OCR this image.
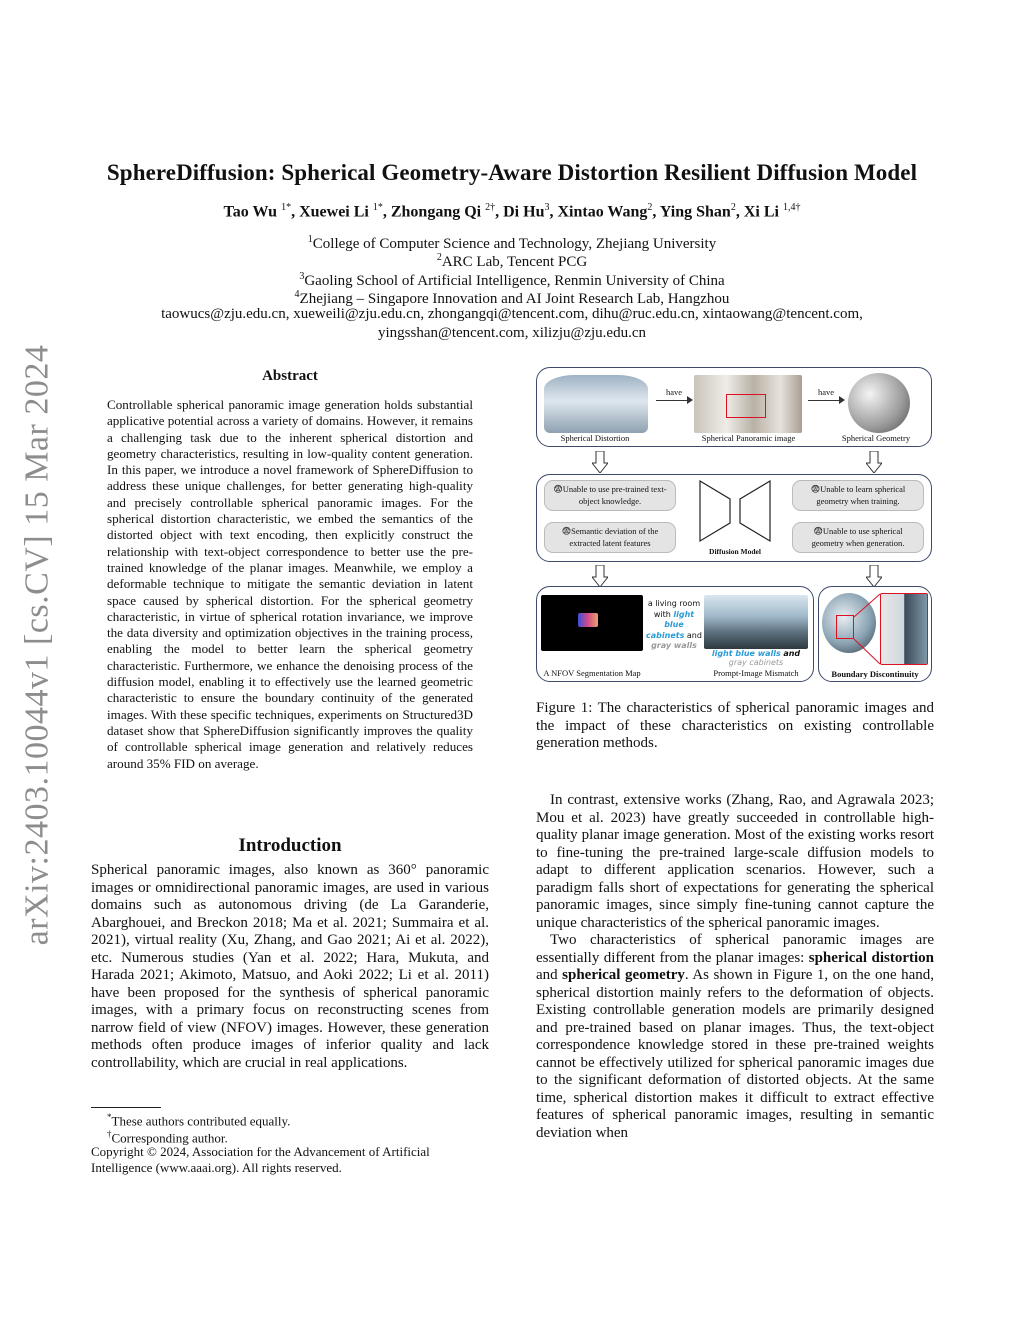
arXiv:2403.10044v1 [cs.CV] 15 Mar 2024
SphereDiffusion: Spherical Geometry-Aware Distortion Resilient Diffusion Model
Tao Wu $^{1*}$, Xuewei Li $^{1*}$, Zhongang Qi $^{2\dagger}$, Di Hu$^3$, Xintao Wang$^2$, Ying Shan$^2$, Xi Li $^{1,4\dagger}$
$^1$College of Computer Science and Technology, Zhejiang University
$^2$ARC Lab, Tencent PCG
$^3$Gaoling School of Artificial Intelligence, Renmin University of China
$^4$Zhejiang – Singapore Innovation and AI Joint Research Lab, Hangzhou
taowucs@zju.edu.cn, xueweili@zju.edu.cn, zhongangqi@tencent.com, dihu@ruc.edu.cn, xintaowang@tencent.com,
yingsshan@tencent.com, xilizju@zju.edu.cn
Abstract
Controllable spherical panoramic image generation holds substantial applicative potential across a variety of domains. However, it remains a challenging task due to the inherent spherical distortion and geometry characteristics, resulting in low-quality content generation. In this paper, we introduce a novel framework of SphereDiffusion to address these unique challenges, for better generating high-quality and precisely controllable spherical panoramic images. For the spherical distortion characteristic, we embed the semantics of the distorted object with text encoding, then explicitly construct the relationship with text-object correspondence to better use the pre-trained knowledge of the planar images. Meanwhile, we employ a deformable technique to mitigate the semantic deviation in latent space caused by spherical distortion. For the spherical geometry characteristic, in virtue of spherical rotation invariance, we improve the data diversity and optimization objectives in the training process, enabling the model to better learn the spherical geometry characteristic. Furthermore, we enhance the denoising process of the diffusion model, enabling it to effectively use the learned geometric characteristic to ensure the boundary continuity of the generated images. With these specific techniques, experiments on Structured3D dataset show that SphereDiffusion significantly improves the quality of controllable spherical image generation and relatively reduces around 35% FID on average.
Introduction
Spherical panoramic images, also known as 360° panoramic images or omnidirectional panoramic images, are used in various domains such as autonomous driving (de La Garanderie, Abarghouei, and Breckon 2018; Ma et al. 2021; Summaira et al. 2021), virtual reality (Xu, Zhang, and Gao 2021; Ai et al. 2022), etc. Numerous studies (Yan et al. 2022; Hara, Mukuta, and Harada 2021; Akimoto, Matsuo, and Aoki 2022; Li et al. 2011) have been proposed for the synthesis of spherical panoramic images, with a primary focus on reconstructing scenes from narrow field of view (NFOV) images. However, these generation methods often produce images of inferior quality and lack controllability, which are crucial in real applications.
*These authors contributed equally.
†Corresponding author.
Copyright © 2024, Association for the Advancement of Artificial Intelligence (www.aaai.org). All rights reserved.
Spherical Distortion
have
Spherical Panoramic image
have
Spherical Geometry
😨Unable to use pre-trained text-object knowledge.
😨Semantic deviation of the extracted latent features
😨Unable to learn spherical geometry when training.
😨Unable to use spherical geometry when generation.
Diffusion Model
a living room
with light blue
cabinets and
gray walls
light blue walls and
gray cabinets
A NFOV Segmentation Map	Prompt-Image Mismatch	Boundary Discontinuity
Figure 1: The characteristics of spherical panoramic images and the impact of these characteristics on existing controllable generation methods.

In contrast, extensive works (Zhang, Rao, and Agrawala 2023; Mou et al. 2023) have greatly succeeded in controllable high-quality planar image generation. Most of the existing works resort to fine-tuning the pre-trained large-scale diffusion models to adapt to different application scenarios. However, such a paradigm falls short of expectations for generating the spherical panoramic images, since simply fine-tuning cannot capture the unique characteristics of the spherical panoramic images.

Two characteristics of spherical panoramic images are essentially different from the planar images: spherical distortion and spherical geometry. As shown in Figure 1, on the one hand, spherical distortion mainly refers to the deformation of objects. Existing controllable generation models are primarily designed and pre-trained based on planar images. Thus, the text-object correspondence knowledge stored in these pre-trained weights cannot be effectively utilized for spherical panoramic images due to the significant deformation of distorted objects. At the same time, spherical distortion makes it difficult to extract effective features of spherical panoramic images, resulting in semantic deviation when
